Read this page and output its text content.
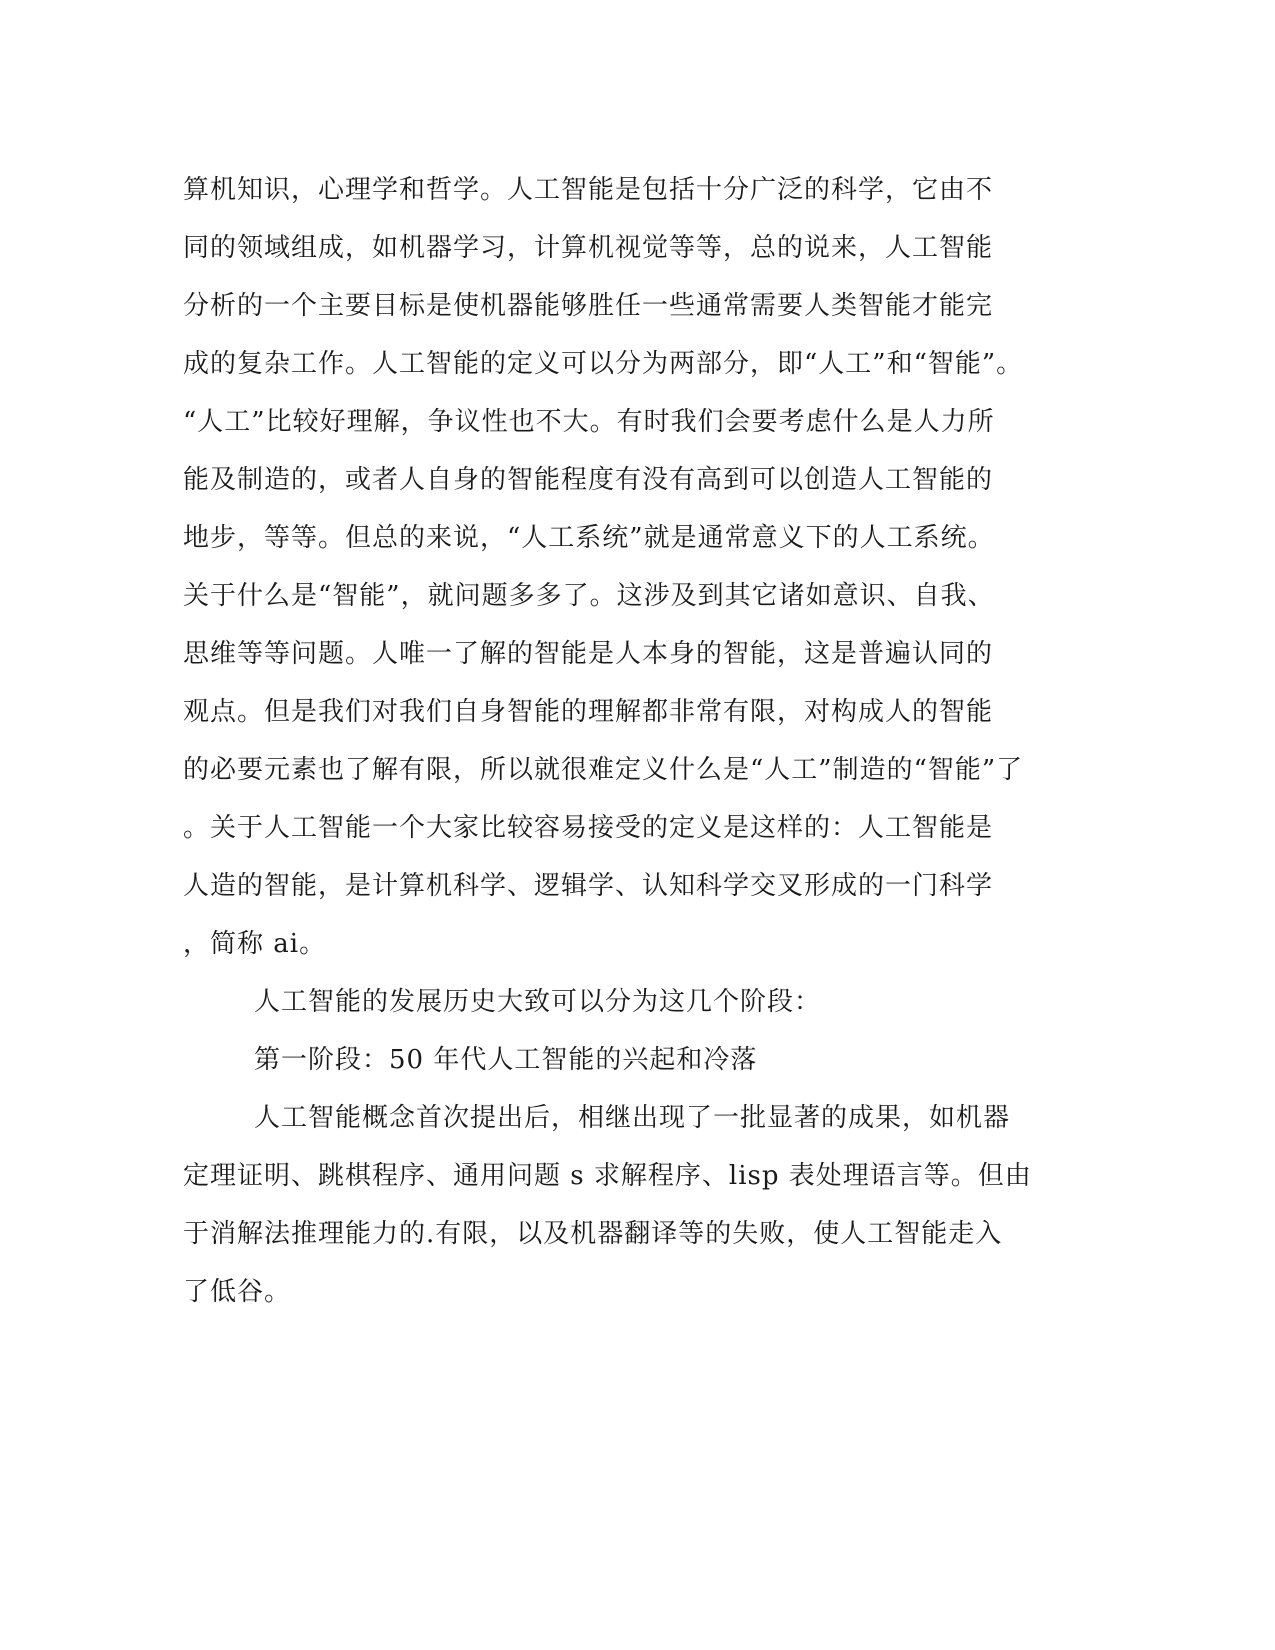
算机知识，心理学和哲学。人工智能是包括十分广泛的科学，它由不
同的领域组成，如机器学习，计算机视觉等等，总的说来，人工智能
分析的一个主要目标是使机器能够胜任一些通常需要人类智能才能完
成的复杂工作。人工智能的定义可以分为两部分，即“人工”和“智能”。
“人工”比较好理解，争议性也不大。有时我们会要考虑什么是人力所
能及制造的，或者人自身的智能程度有没有高到可以创造人工智能的
地步，等等。但总的来说，“人工系统”就是通常意义下的人工系统。
关于什么是“智能”，就问题多多了。这涉及到其它诸如意识、自我、
思维等等问题。人唯一了解的智能是人本身的智能，这是普遍认同的
观点。但是我们对我们自身智能的理解都非常有限，对构成人的智能
的必要元素也了解有限，所以就很难定义什么是“人工”制造的“智能”了
。关于人工智能一个大家比较容易接受的定义是这样的：人工智能是
人造的智能，是计算机科学、逻辑学、认知科学交叉形成的一门科学
，简称 ai。
人工智能的发展历史大致可以分为这几个阶段：
第一阶段：50 年代人工智能的兴起和冷落
人工智能概念首次提出后，相继出现了一批显著的成果，如机器
定理证明、跳棋程序、通用问题 s 求解程序、lisp 表处理语言等。但由
于消解法推理能力的.有限，以及机器翻译等的失败，使人工智能走入
了低谷。
